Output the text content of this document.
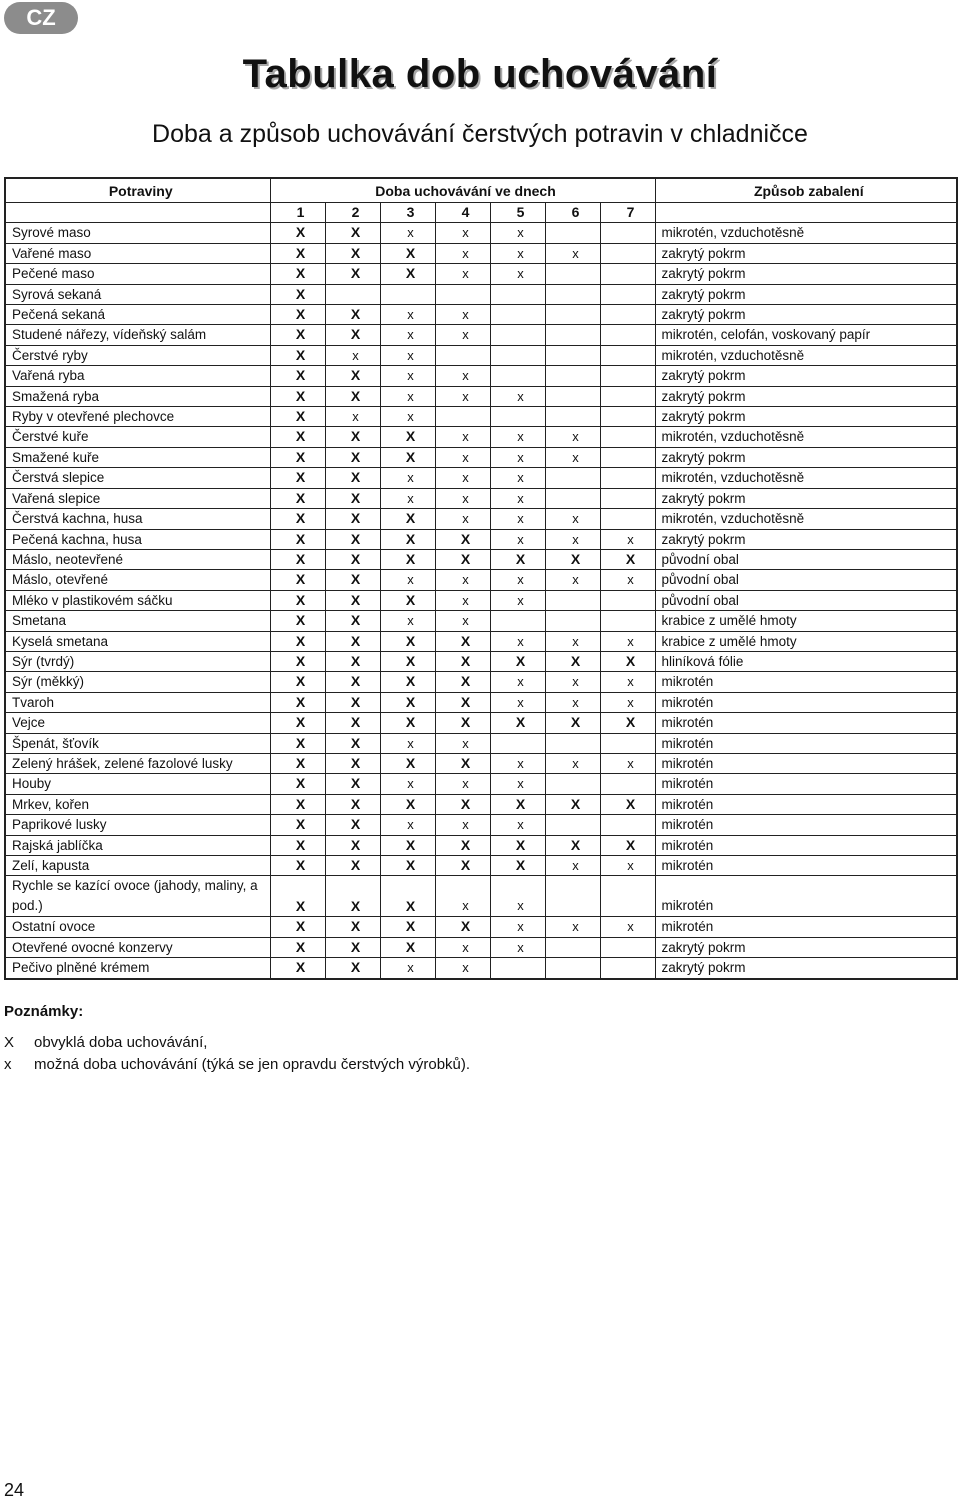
CZ
Tabulka dob uchovávání
Doba a způsob uchovávání čerstvých potravin v chladničce
Potraviny	Doba uchovávání ve dnech							Způsob zabalení
	1	2	3	4	5	6	7	
Syrové maso	X	X	x	x	x			mikrotén, vzduchotěsně
Vařené maso	X	X	X	x	x	x		zakrytý pokrm
Pečené maso	X	X	X	x	x			zakrytý pokrm
Syrová sekaná	X							zakrytý pokrm
Pečená sekaná	X	X	x	x				zakrytý pokrm
Studené nářezy, vídeňský salám	X	X	x	x				mikrotén, celofán, voskovaný papír
Čerstvé ryby	X	x	x					mikrotén, vzduchotěsně
Vařená ryba	X	X	x	x				zakrytý pokrm
Smažená ryba	X	X	x	x	x			zakrytý pokrm
Ryby v otevřené plechovce	X	x	x					zakrytý pokrm
Čerstvé kuře	X	X	X	x	x	x		mikrotén, vzduchotěsně
Smažené kuře	X	X	X	x	x	x		zakrytý pokrm
Čerstvá slepice	X	X	x	x	x			mikrotén, vzduchotěsně
Vařená slepice	X	X	x	x	x			zakrytý pokrm
Čerstvá kachna, husa	X	X	X	x	x	x		mikrotén, vzduchotěsně
Pečená kachna, husa	X	X	X	X	x	x	x	zakrytý pokrm
Máslo, neotevřené	X	X	X	X	X	X	X	původní obal
Máslo, otevřené	X	X	x	x	x	x	x	původní obal
Mléko v plastikovém sáčku	X	X	X	x	x			původní obal
Smetana	X	X	x	x				krabice z umělé hmoty
Kyselá smetana	X	X	X	X	x	x	x	krabice z umělé hmoty
Sýr (tvrdý)	X	X	X	X	X	X	X	hliníková fólie
Sýr (měkký)	X	X	X	X	x	x	x	mikrotén
Tvaroh	X	X	X	X	x	x	x	mikrotén
Vejce	X	X	X	X	X	X	X	mikrotén
Špenát, šťovík	X	X	x	x				mikrotén
Zelený hrášek, zelené fazolové lusky	X	X	X	X	x	x	x	mikrotén
Houby	X	X	x	x	x			mikrotén
Mrkev, kořen	X	X	X	X	X	X	X	mikrotén
Paprikové lusky	X	X	x	x	x			mikrotén
Rajská jablíčka	X	X	X	X	X	X	X	mikrotén
Zelí, kapusta	X	X	X	X	X	x	x	mikrotén
Rychle se kazící ovoce (jahody, maliny, a pod.)	X	X	X	x	x			mikrotén
Ostatní ovoce	X	X	X	X	x	x	x	mikrotén
Otevřené ovocné konzervy	X	X	X	x	x			zakrytý pokrm
Pečivo plněné krémem	X	X	x	x				zakrytý pokrm
Poznámky:
X	obvyklá doba uchovávání,
x	možná doba uchovávání (týká se jen opravdu čerstvých výrobků).
24
